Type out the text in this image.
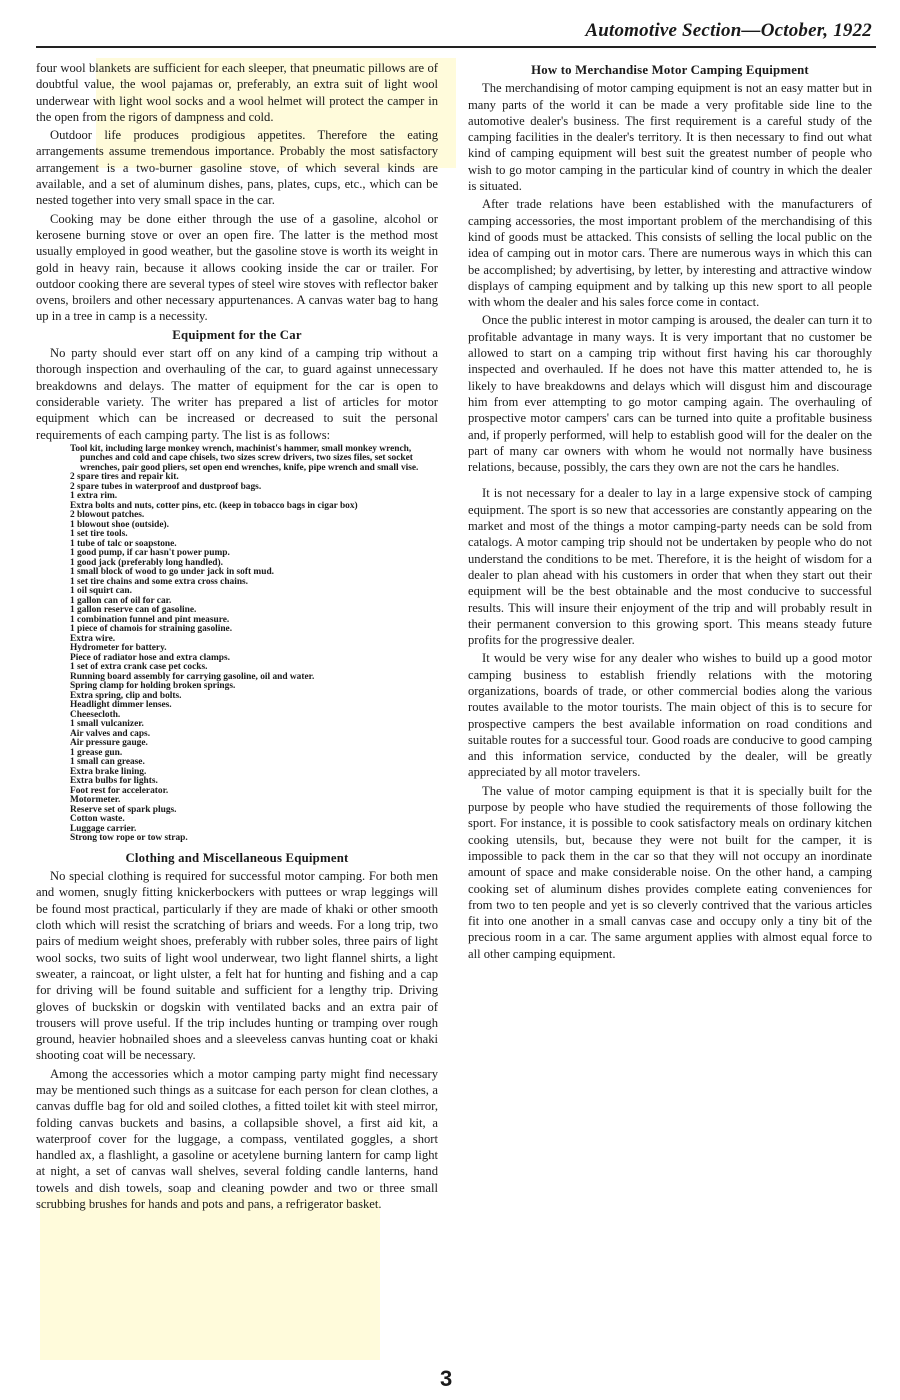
Automotive Section—October, 1922

four wool blankets are sufficient for each sleeper, that pneumatic pillows are of doubtful value, the wool pajamas or, preferably, an extra suit of light wool underwear with light wool socks and a wool helmet will protect the camper in the open from the rigors of dampness and cold.

Outdoor life produces prodigious appetites. Therefore the eating arrangements assume tremendous importance. Probably the most satisfactory arrangement is a two-burner gasoline stove, of which several kinds are available, and a set of aluminum dishes, pans, plates, cups, etc., which can be nested together into very small space in the car.

Cooking may be done either through the use of a gasoline, alcohol or kerosene burning stove or over an open fire. The latter is the method most usually employed in good weather, but the gasoline stove is worth its weight in gold in heavy rain, because it allows cooking inside the car or trailer. For outdoor cooking there are several types of steel wire stoves with reflector baker ovens, broilers and other necessary appurtenances. A canvas water bag to hang up in a tree in camp is a necessity.

Equipment for the Car

No party should ever start off on any kind of a camping trip without a thorough inspection and overhauling of the car, to guard against unnecessary breakdowns and delays. The matter of equipment for the car is open to considerable variety. The writer has prepared a list of articles for motor equipment which can be increased or decreased to suit the personal requirements of each camping party. The list is as follows:

Tool kit, including large monkey wrench, machinist's hammer, small monkey wrench, punches and cold and cape chisels, two sizes screw drivers, two sizes files, set socket wrenches, pair good pliers, set open end wrenches, knife, pipe wrench and small vise.
2 spare tires and repair kit.
2 spare tubes in waterproof and dustproof bags.
1 extra rim.
Extra bolts and nuts, cotter pins, etc. (keep in tobacco bags in cigar box)
2 blowout patches.
1 blowout shoe (outside).
1 set tire tools.
1 tube of talc or soapstone.
1 good pump, if car hasn't power pump.
1 good jack (preferably long handled).
1 small block of wood to go under jack in soft mud.
1 set tire chains and some extra cross chains.
1 oil squirt can.
1 gallon can of oil for car.
1 gallon reserve can of gasoline.
1 combination funnel and pint measure.
1 piece of chamois for straining gasoline.
Extra wire.
Hydrometer for battery.
Piece of radiator hose and extra clamps.
1 set of extra crank case pet cocks.
Running board assembly for carrying gasoline, oil and water.
Spring clamp for holding broken springs.
Extra spring, clip and bolts.
Headlight dimmer lenses.
Cheesecloth.
1 small vulcanizer.
Air valves and caps.
Air pressure gauge.
1 grease gun.
1 small can grease.
Extra brake lining.
Extra bulbs for lights.
Foot rest for accelerator.
Motormeter.
Reserve set of spark plugs.
Cotton waste.
Luggage carrier.
Strong tow rope or tow strap.
Clothing and Miscellaneous Equipment

No special clothing is required for successful motor camping. For both men and women, snugly fitting knickerbockers with puttees or wrap leggings will be found most practical, particularly if they are made of khaki or other smooth cloth which will resist the scratching of briars and weeds. For a long trip, two pairs of medium weight shoes, preferably with rubber soles, three pairs of light wool socks, two suits of light wool underwear, two light flannel shirts, a light sweater, a raincoat, or light ulster, a felt hat for hunting and fishing and a cap for driving will be found suitable and sufficient for a lengthy trip. Driving gloves of buckskin or dogskin with ventilated backs and an extra pair of trousers will prove useful. If the trip includes hunting or tramping over rough ground, heavier hobnailed shoes and a sleeveless canvas hunting coat or khaki shooting coat will be necessary.

Among the accessories which a motor camping party might find necessary may be mentioned such things as a suitcase for each person for clean clothes, a canvas duffle bag for old and soiled clothes, a fitted toilet kit with steel mirror, folding canvas buckets and basins, a collapsible shovel, a first aid kit, a waterproof cover for the luggage, a compass, ventilated goggles, a short handled ax, a flashlight, a gasoline or acetylene burning lantern for camp light at night, a set of canvas wall shelves, several folding candle lanterns, hand towels and dish towels, soap and cleaning powder and two or three small scrubbing brushes for hands and pots and pans, a refrigerator basket.

How to Merchandise Motor Camping Equipment

The merchandising of motor camping equipment is not an easy matter but in many parts of the world it can be made a very profitable side line to the automotive dealer's business. The first requirement is a careful study of the camping facilities in the dealer's territory. It is then necessary to find out what kind of camping equipment will best suit the greatest number of people who wish to go motor camping in the particular kind of country in which the dealer is situated.

After trade relations have been established with the manufacturers of camping accessories, the most important problem of the merchandising of this kind of goods must be attacked. This consists of selling the local public on the idea of camping out in motor cars. There are numerous ways in which this can be accomplished; by advertising, by letter, by interesting and attractive window displays of camping equipment and by talking up this new sport to all people with whom the dealer and his sales force come in contact.

Once the public interest in motor camping is aroused, the dealer can turn it to profitable advantage in many ways. It is very important that no customer be allowed to start on a camping trip without first having his car thoroughly inspected and overhauled. If he does not have this matter attended to, he is likely to have breakdowns and delays which will disgust him and discourage him from ever attempting to go motor camping again. The overhauling of prospective motor campers' cars can be turned into quite a profitable business and, if properly performed, will help to establish good will for the dealer on the part of many car owners with whom he would not normally have business relations, because, possibly, the cars they own are not the cars he handles.

It is not necessary for a dealer to lay in a large expensive stock of camping equipment. The sport is so new that accessories are constantly appearing on the market and most of the things a motor camping-party needs can be sold from catalogs. A motor camping trip should not be undertaken by people who do not understand the conditions to be met. Therefore, it is the height of wisdom for a dealer to plan ahead with his customers in order that when they start out their equipment will be the best obtainable and the most conducive to successful results. This will insure their enjoyment of the trip and will probably result in their permanent conversion to this growing sport. This means steady future profits for the progressive dealer.

It would be very wise for any dealer who wishes to build up a good motor camping business to establish friendly relations with the motoring organizations, boards of trade, or other commercial bodies along the various routes available to the motor tourists. The main object of this is to secure for prospective campers the best available information on road conditions and suitable routes for a successful tour. Good roads are conducive to good camping and this information service, conducted by the dealer, will be greatly appreciated by all motor travelers.

The value of motor camping equipment is that it is specially built for the purpose by people who have studied the requirements of those following the sport. For instance, it is possible to cook satisfactory meals on ordinary kitchen cooking utensils, but, because they were not built for the camper, it is impossible to pack them in the car so that they will not occupy an inordinate amount of space and make considerable noise. On the other hand, a camping cooking set of aluminum dishes provides complete eating conveniences for from two to ten people and yet is so cleverly contrived that the various articles fit into one another in a small canvas case and occupy only a tiny bit of the precious room in a car. The same argument applies with almost equal force to all other camping equipment.

3
